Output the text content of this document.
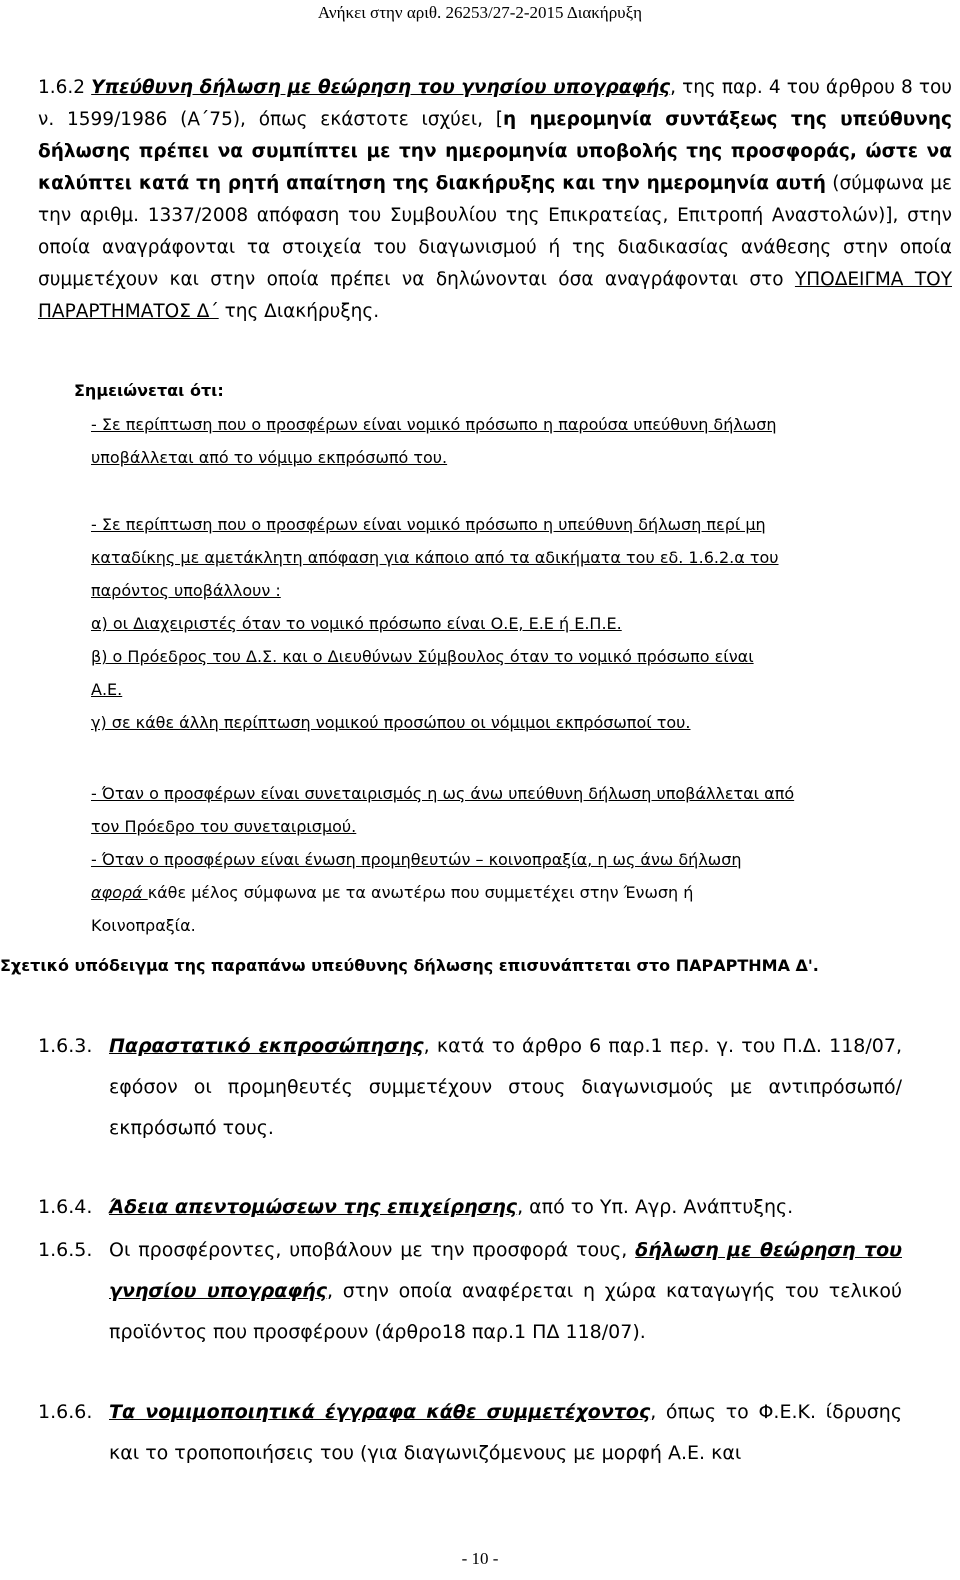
Ανήκει στην αριθ. 26253/27-2-2015 Διακήρυξη
1.6.2 Υπεύθυνη δήλωση με θεώρηση του γνησίου υπογραφής, της παρ. 4 του άρθρου 8 του ν. 1599/1986 (Α΄75), όπως εκάστοτε ισχύει, [η ημερομηνία συντάξεως της υπεύθυνης δήλωσης πρέπει να συμπίπτει με την ημερομηνία υποβολής της προσφοράς, ώστε να καλύπτει κατά τη ρητή απαίτηση της διακήρυξης και την ημερομηνία αυτή (σύμφωνα με την αριθμ. 1337/2008 απόφαση του Συμβουλίου της Επικρατείας, Επιτροπή Αναστολών)], στην οποία αναγράφονται τα στοιχεία του διαγωνισμού ή της διαδικασίας ανάθεσης στην οποία συμμετέχουν και στην οποία πρέπει να δηλώνονται όσα αναγράφονται στο ΥΠΟΔΕΙΓΜΑ ΤΟΥ ΠΑΡΑΡΤΗΜΑΤΟΣ Δ΄ της Διακήρυξης.
Σημειώνεται ότι:
- Σε περίπτωση που ο προσφέρων είναι νομικό πρόσωπο η παρούσα υπεύθυνη δήλωση
υποβάλλεται από το νόμιμο εκπρόσωπό του.
- Σε περίπτωση που ο προσφέρων είναι νομικό πρόσωπο η υπεύθυνη δήλωση περί μη
καταδίκης με αμετάκλητη απόφαση για κάποιο από τα αδικήματα του εδ. 1.6.2.α του
παρόντος υποβάλλουν :
α) οι Διαχειριστές όταν το νομικό πρόσωπο είναι Ο.Ε, Ε.Ε ή Ε.Π.Ε.
β) ο Πρόεδρος του Δ.Σ. και ο Διευθύνων Σύμβουλος όταν το νομικό πρόσωπο είναι
Α.Ε.
γ) σε κάθε άλλη περίπτωση νομικού προσώπου οι νόμιμοι εκπρόσωποί του.
- Όταν ο προσφέρων είναι συνεταιρισμός η ως άνω υπεύθυνη δήλωση υποβάλλεται από
τον Πρόεδρο του συνεταιρισμού.
- Όταν ο προσφέρων είναι ένωση προμηθευτών – κοινοπραξία, η ως άνω δήλωση
αφορά κάθε μέλος σύμφωνα με τα ανωτέρω που συμμετέχει στην Ένωση ή
Κοινοπραξία.
Σχετικό υπόδειγμα της παραπάνω υπεύθυνης δήλωσης επισυνάπτεται στο ΠΑΡΑΡΤΗΜΑ Δ'.
1.6.3. Παραστατικό εκπροσώπησης, κατά το άρθρο 6 παρ.1 περ. γ. του Π.Δ. 118/07, εφόσον οι προμηθευτές συμμετέχουν στους διαγωνισμούς με αντιπρόσωπό/ εκπρόσωπό τους.
1.6.4. Άδεια απεντομώσεων της επιχείρησης, από το Υπ. Αγρ. Ανάπτυξης.
1.6.5. Οι προσφέροντες, υποβάλουν με την προσφορά τους, δήλωση με θεώρηση του γνησίου υπογραφής, στην οποία αναφέρεται η χώρα καταγωγής του τελικού προϊόντος που προσφέρουν (άρθρο18 παρ.1 ΠΔ 118/07).
1.6.6. Τα νομιμοποιητικά έγγραφα κάθε συμμετέχοντος, όπως το Φ.Ε.Κ. ίδρυσης και το τροποποιήσεις του (για διαγωνιζόμενους με μορφή Α.Ε. και
- 10 -
